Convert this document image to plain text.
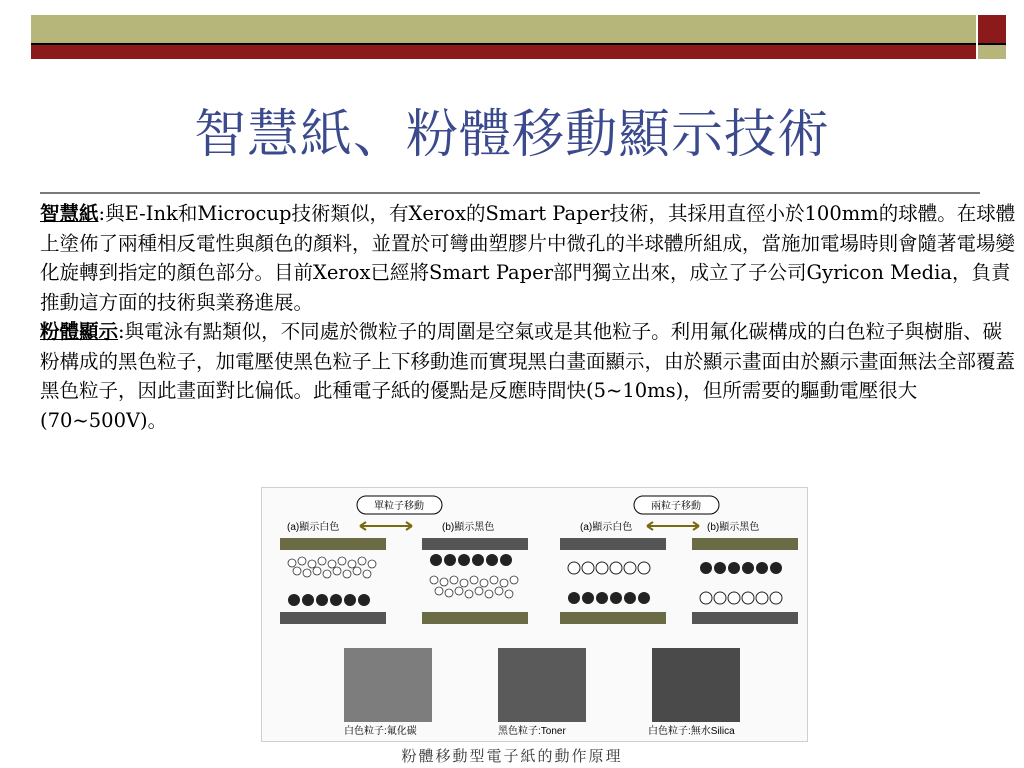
智慧紙、粉體移動顯示技術

智慧紙:與E-Ink和Microcup技術類似，有Xerox的Smart Paper技術，其採用直徑小於100mm的球體。在球體上塗佈了兩種相反電性與顏色的顏料，並置於可彎曲塑膠片中微孔的半球體所組成，當施加電場時則會隨著電場變化旋轉到指定的顏色部分。目前Xerox已經將Smart Paper部門獨立出來，成立了子公司Gyricon Media，負責推動這方面的技術與業務進展。

粉體顯示:與電泳有點類似，不同處於微粒子的周圍是空氣或是其他粒子。利用氟化碳構成的白色粒子與樹脂、碳粉構成的黑色粒子，加電壓使黑色粒子上下移動進而實現黑白畫面顯示，由於顯示畫面由於顯示畫面無法全部覆蓋黑色粒子，因此畫面對比偏低。此種電子紙的優點是反應時間快(5~10ms)，但所需要的驅動電壓很大(70~500V)。

單粒子移動	兩粒子移動
(a)顯示白色	(b)顯示黑色	(a)顯示白色	(b)顯示黑色
白色粒子:氟化碳	黑色粒子:Toner	白色粒子:無水Silica
粉體移動型電子紙的動作原理
